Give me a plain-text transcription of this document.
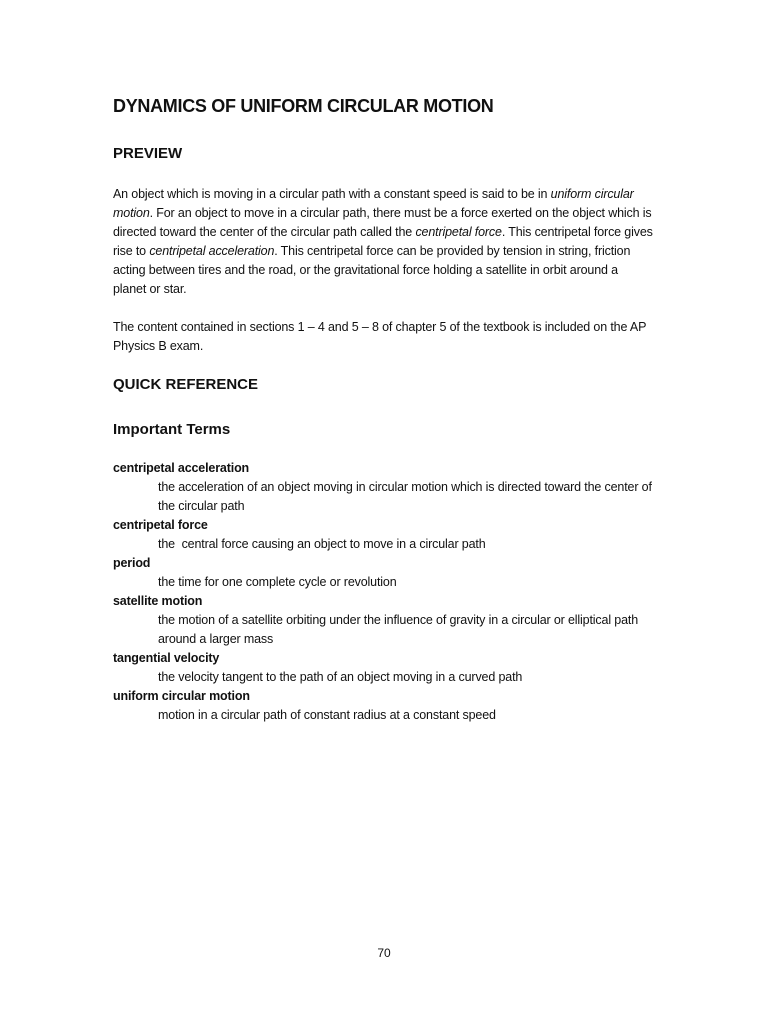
DYNAMICS OF UNIFORM CIRCULAR MOTION
PREVIEW

An object which is moving in a circular path with a constant speed is said to be in uniform circular motion. For an object to move in a circular path, there must be a force exerted on the object which is directed toward the center of the circular path called the centripetal force. This centripetal force gives rise to centripetal acceleration. This centripetal force can be provided by tension in string, friction acting between tires and the road, or the gravitational force holding a satellite in orbit around a planet or star.

The content contained in sections 1 – 4 and 5 – 8 of chapter 5 of the textbook is included on the AP Physics B exam.

QUICK REFERENCE
Important Terms
centripetal acceleration
the acceleration of an object moving in circular motion which is directed toward the center of the circular path
centripetal force
the  central force causing an object to move in a circular path
period
the time for one complete cycle or revolution
satellite motion
the motion of a satellite orbiting under the influence of gravity in a circular or elliptical path around a larger mass
tangential velocity
the velocity tangent to the path of an object moving in a curved path
uniform circular motion
motion in a circular path of constant radius at a constant speed
70
